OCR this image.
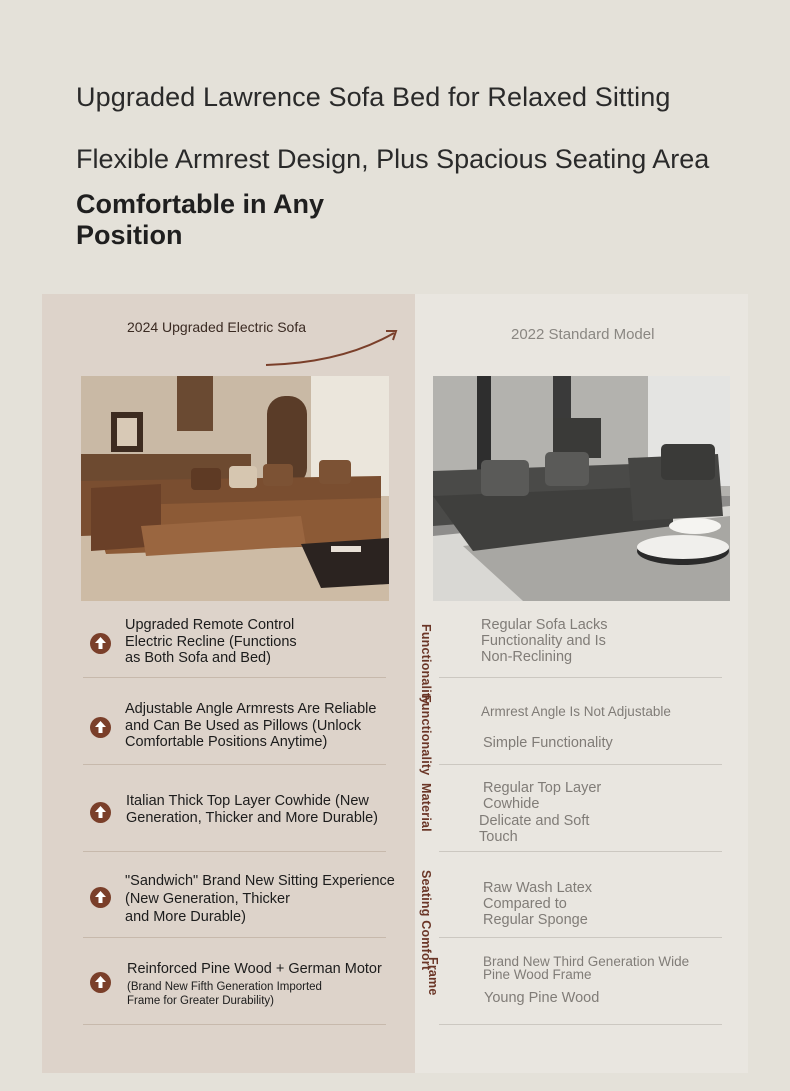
Upgraded Lawrence Sofa Bed for Relaxed Sitting
Flexible Armrest Design, Plus Spacious Seating Area
Comfortable in Any Position
2024 Upgraded Electric Sofa	2022 Standard Model
Functionality
Functionality
Material
Seating Comfort
Frame
Upgraded Remote Control
Electric Recline (Functions
as Both Sofa and Bed)
Adjustable Angle Armrests Are Reliable
and Can Be Used as Pillows (Unlock
Comfortable Positions Anytime)
Italian Thick Top Layer Cowhide (New
Generation, Thicker and More Durable)
"Sandwich" Brand New Sitting Experience
(New Generation, Thicker
and More Durable)
Reinforced Pine Wood + German Motor
(Brand New Fifth Generation Imported
Frame for Greater Durability)
Regular Sofa Lacks
Functionality and Is
Non-Reclining
Armrest Angle Is Not Adjustable
Simple Functionality
Regular Top Layer
Cowhide
Delicate and Soft
Touch
Raw Wash Latex
Compared to
Regular Sponge
Brand New Third Generation Wide
Pine Wood Frame
Young Pine Wood
